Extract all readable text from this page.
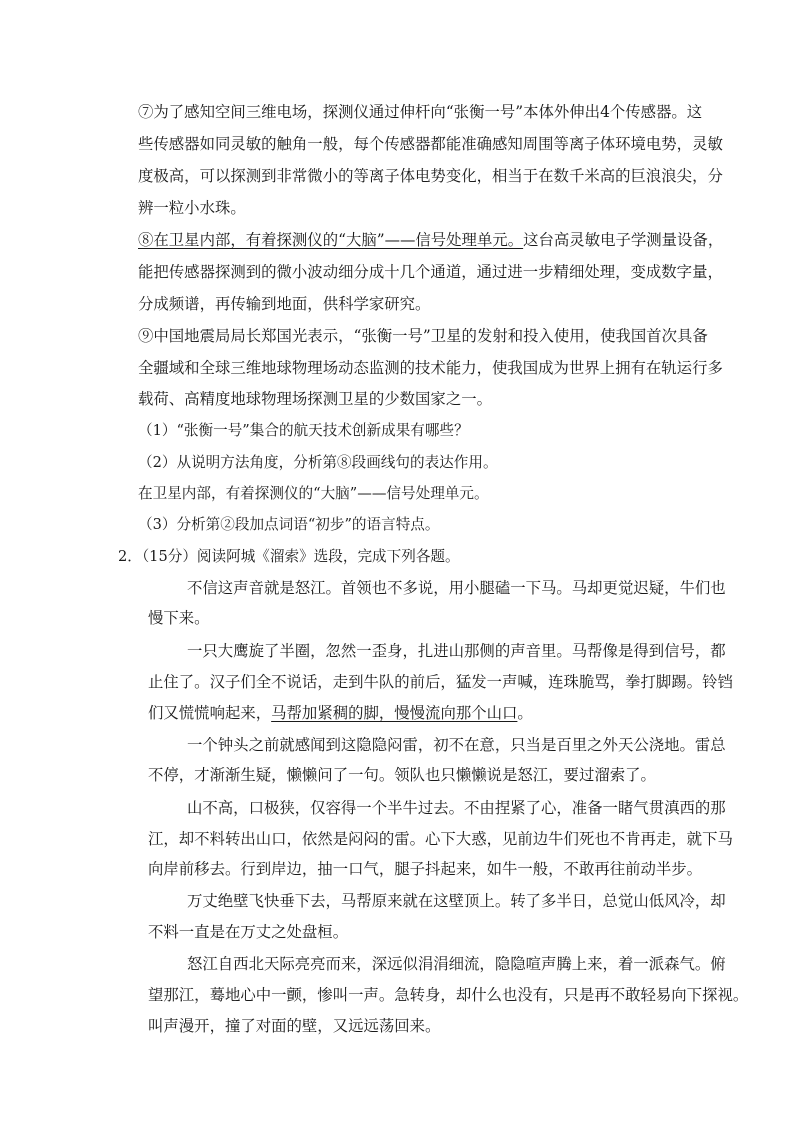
⑦为了感知空间三维电场，探测仪通过伸杆向“张衡一号”本体外伸出4个传感器。这

些传感器如同灵敏的触角一般，每个传感器都能准确感知周围等离子体环境电势，灵敏

度极高，可以探测到非常微小的等离子体电势变化，相当于在数千米高的巨浪浪尖，分

辨一粒小水珠。

⑧在卫星内部，有着探测仪的“大脑”——信号处理单元。这台高灵敏电子学测量设备，

能把传感器探测到的微小波动细分成十几个通道，通过进一步精细处理，变成数字量，

分成频谱，再传输到地面，供科学家研究。

⑨中国地震局局长郑国光表示，“张衡一号”卫星的发射和投入使用，使我国首次具备

全疆域和全球三维地球物理场动态监测的技术能力，使我国成为世界上拥有在轨运行多

载荷、高精度地球物理场探测卫星的少数国家之一。

（1）“张衡一号”集合的航天技术创新成果有哪些？

（2）从说明方法角度，分析第⑧段画线句的表达作用。

在卫星内部，有着探测仪的“大脑”——信号处理单元。

（3）分析第②段加点词语“初步”的语言特点。

2．（15分）阅读阿城《溜索》选段，完成下列各题。

不信这声音就是怒江。首领也不多说，用小腿磕一下马。马却更觉迟疑，牛们也

慢下来。

一只大鹰旋了半圈，忽然一歪身，扎进山那侧的声音里。马帮像是得到信号，都

止住了。汉子们全不说话，走到牛队的前后，猛发一声喊，连珠脆骂，拳打脚踢。铃铛

们又慌慌响起来，马帮加紧稠的脚，慢慢流向那个山口。

一个钟头之前就感闻到这隐隐闷雷，初不在意，只当是百里之外天公浇地。雷总

不停，才渐渐生疑，懒懒问了一句。领队也只懒懒说是怒江，要过溜索了。

山不高，口极狭，仅容得一个半牛过去。不由捏紧了心，准备一睹气贯滇西的那

江，却不料转出山口，依然是闷闷的雷。心下大惑，见前边牛们死也不肯再走，就下马

向岸前移去。行到岸边，抽一口气，腿子抖起来，如牛一般，不敢再往前动半步。

万丈绝壁飞快垂下去，马帮原来就在这壁顶上。转了多半日，总觉山低风冷，却

不料一直是在万丈之处盘桓。

怒江自西北天际亮亮而来，深远似涓涓细流，隐隐喧声腾上来，着一派森气。俯

望那江，蓦地心中一颤，惨叫一声。急转身，却什么也没有，只是再不敢轻易向下探视。

叫声漫开，撞了对面的壁，又远远荡回来。
